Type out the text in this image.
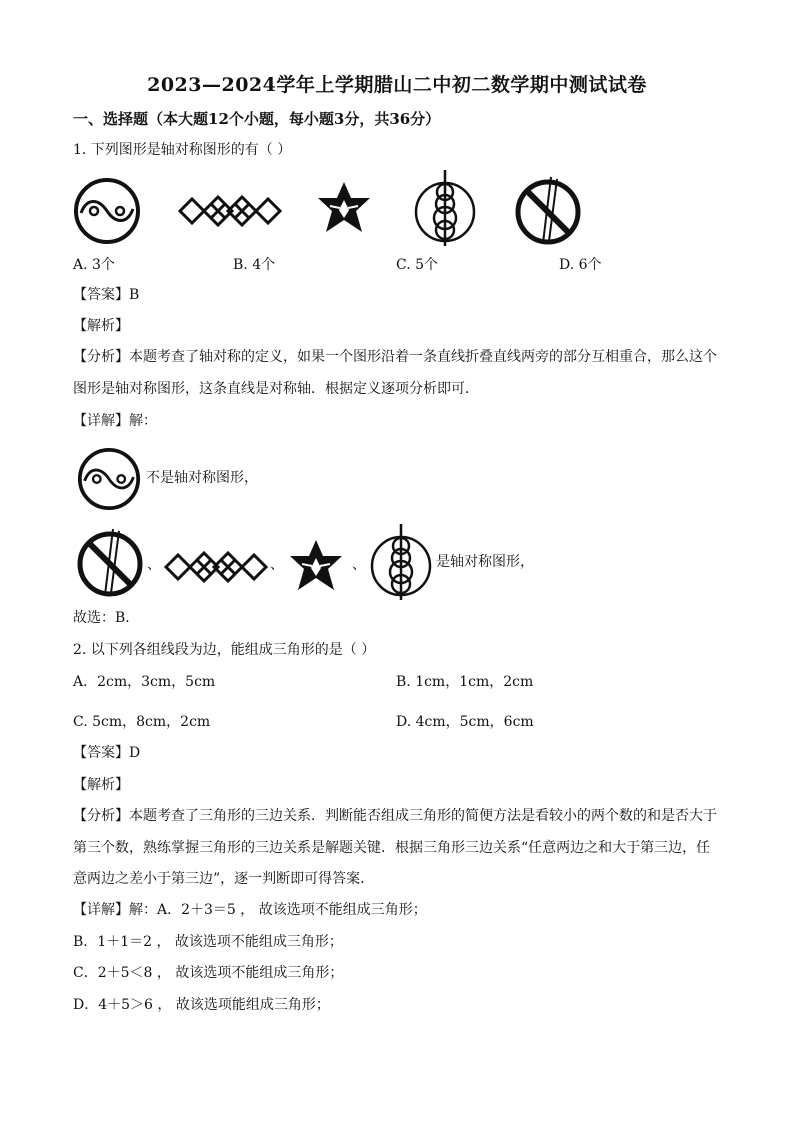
2023—2024学年上学期腊山二中初二数学期中测试试卷
一、选择题（本大题12个小题，每小题3分，共36分）
1. 下列图形是轴对称图形的有（ ）
A. 3个	B. 4个	C. 5个	D. 6个
【答案】B
【解析】
【分析】本题考查了轴对称的定义，如果一个图形沿着一条直线折叠直线两旁的部分互相重合，那么这个
图形是轴对称图形，这条直线是对称轴．根据定义逐项分析即可．
【详解】解：
不是轴对称图形，
、	、	、	是轴对称图形，
故选：B．
2. 以下列各组线段为边，能组成三角形的是（ ）
A．2cm，3cm，5cm	B. 1cm，1cm，2cm
C. 5cm，8cm，2cm	D. 4cm，5cm，6cm
【答案】D
【解析】
【分析】本题考查了三角形的三边关系．判断能否组成三角形的简便方法是看较小的两个数的和是否大于
第三个数，熟练掌握三角形的三边关系是解题关键．根据三角形三边关系“任意两边之和大于第三边，任
意两边之差小于第三边”，逐一判断即可得答案．
【详解】解：A．2＋3＝5 ， 故该选项不能组成三角形；
B．1＋1＝2 ， 故该选项不能组成三角形；
C．2＋5＜8 ， 故该选项不能组成三角形；
D．4＋5＞6 ， 故该选项能组成三角形；
